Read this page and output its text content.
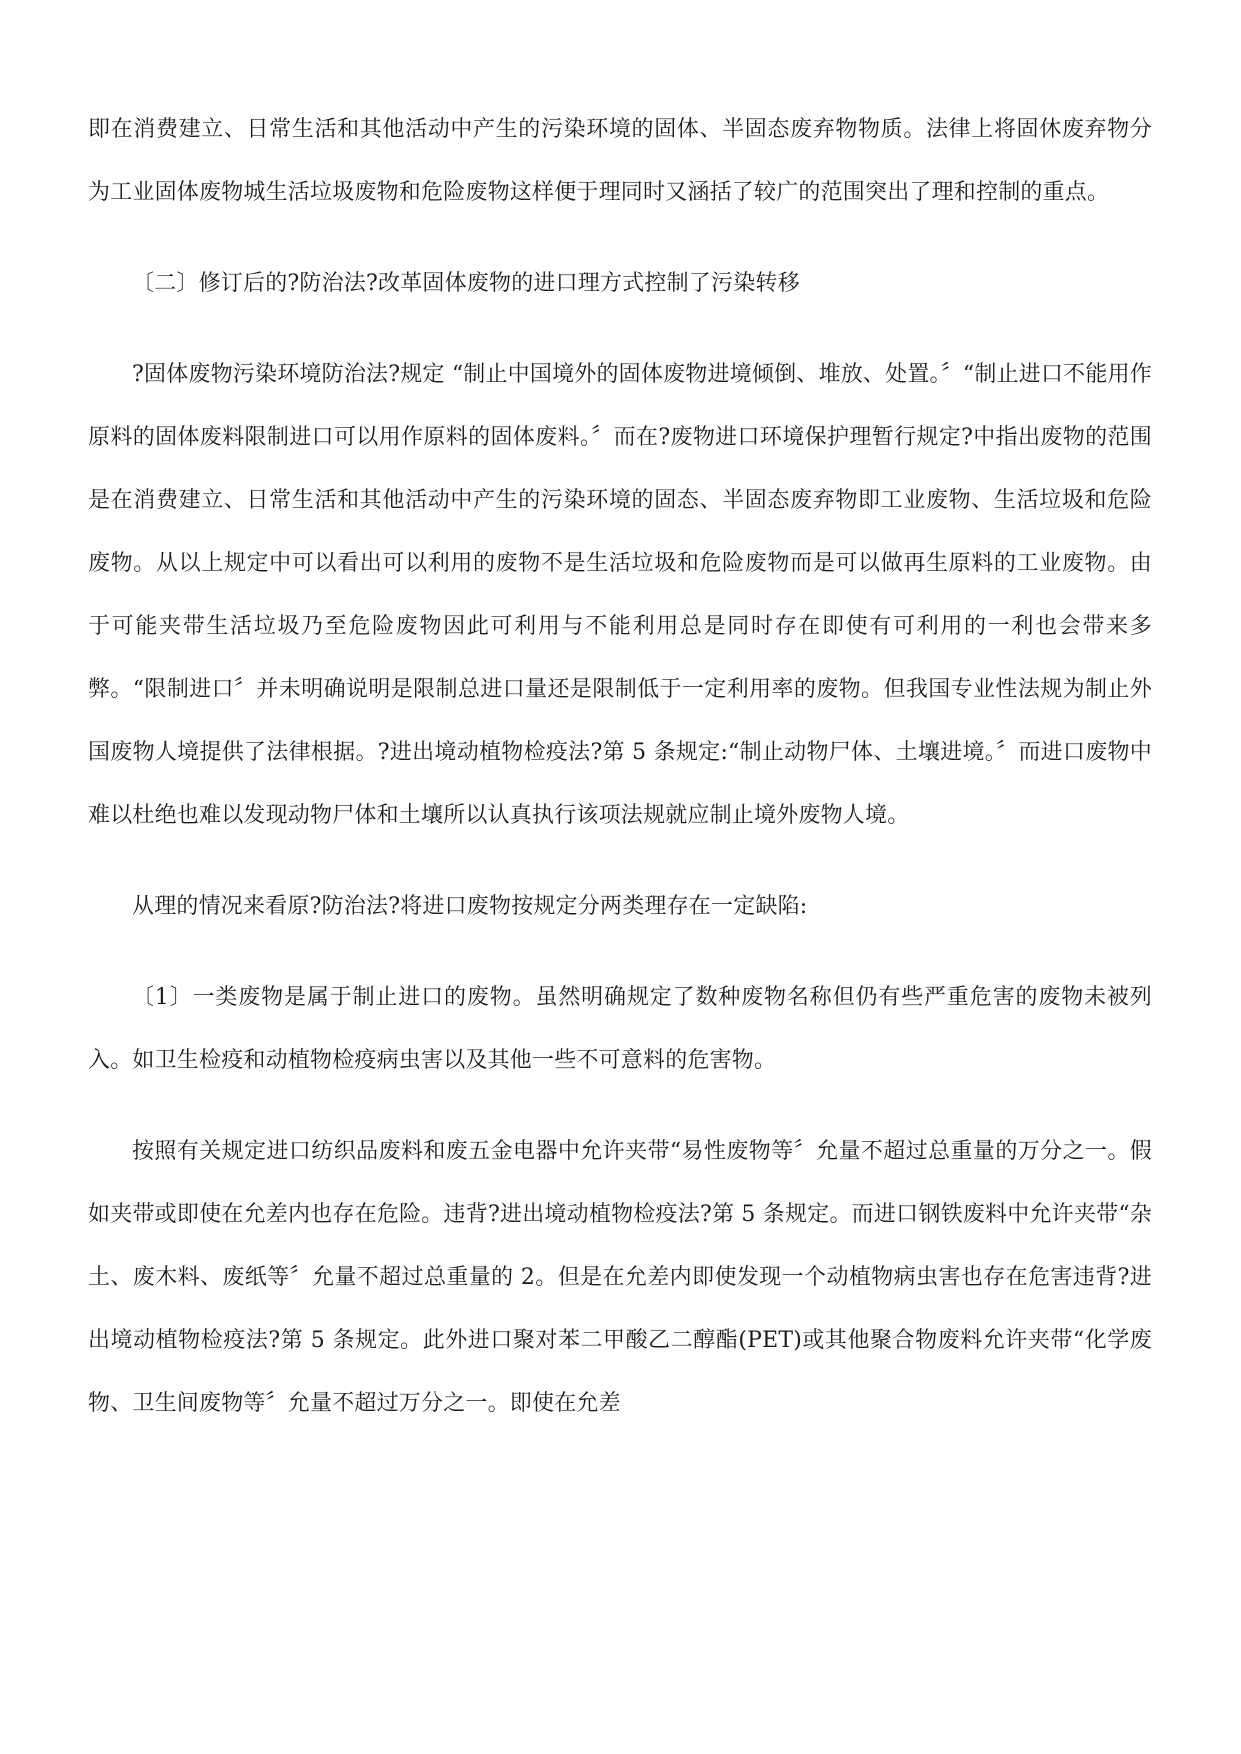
即在消费建立、日常生活和其他活动中产生的污染环境的固体、半固态废弃物物质。法律上将固休废弃物分为工业固体废物城生活垃圾废物和危险废物这样便于理同时又涵括了较广的范围突出了理和控制的重点。

〔二〕修订后的?防治法?改革固体废物的进口理方式控制了污染转移

?固体废物污染环境防治法?规定 “制止中国境外的固体废物进境倾倒、堆放、处置。〞“制止进口不能用作原料的固体废料限制进口可以用作原料的固体废料。〞而在?废物进口环境保护理暂行规定?中指出废物的范围是在消费建立、日常生活和其他活动中产生的污染环境的固态、半固态废弃物即工业废物、生活垃圾和危险废物。从以上规定中可以看出可以利用的废物不是生活垃圾和危险废物而是可以做再生原料的工业废物。由于可能夹带生活垃圾乃至危险废物因此可利用与不能利用总是同时存在即使有可利用的一利也会带来多弊。“限制进口〞并未明确说明是限制总进口量还是限制低于一定利用率的废物。但我国专业性法规为制止外国废物人境提供了法律根据。?进出境动植物检疫法?第 5 条规定:“制止动物尸体、土壤进境。〞而进口废物中难以杜绝也难以发现动物尸体和土壤所以认真执行该项法规就应制止境外废物人境。

从理的情况来看原?防治法?将进口废物按规定分两类理存在一定缺陷:

〔1〕一类废物是属于制止进口的废物。虽然明确规定了数种废物名称但仍有些严重危害的废物未被列入。如卫生检疫和动植物检疫病虫害以及其他一些不可意料的危害物。

按照有关规定进口纺织品废料和废五金电器中允许夹带“易性废物等〞允量不超过总重量的万分之一。假如夹带或即使在允差内也存在危险。违背?进出境动植物检疫法?第 5 条规定。而进口钢铁废料中允许夹带“杂土、废木料、废纸等〞允量不超过总重量的 2。但是在允差内即使发现一个动植物病虫害也存在危害违背?进出境动植物检疫法?第 5 条规定。此外进口聚对苯二甲酸乙二醇酯(PET)或其他聚合物废料允许夹带“化学废物、卫生间废物等〞允量不超过万分之一。即使在允差
